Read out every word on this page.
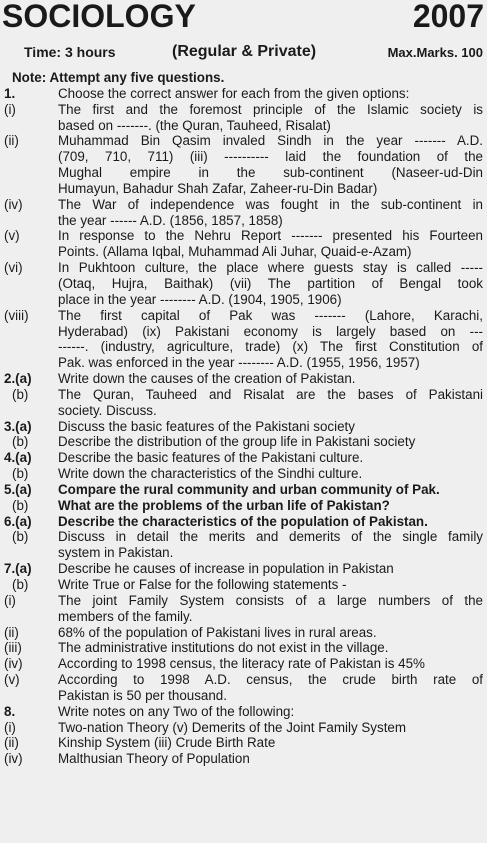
SOCIOLOGY	2007
Time: 3 hours	(Regular & Private)	Max.Marks. 100
Note: Attempt any five questions.
1.	Choose the correct answer for each from the given options:
(i)	The first and the foremost principle of the Islamic society is
based on -------. (the Quran, Tauheed, Risalat)
(ii)	Muhammad Bin Qasim invaled Sindh in the year ------- A.D.
(709, 710, 711) (iii) ---------- laid the foundation of the
Mughal empire in the sub-continent (Naseer-ud-Din
Humayun, Bahadur Shah Zafar, Zaheer-ru-Din Badar)
(iv)	The War of independence was fought in the sub-continent in
the year ------ A.D. (1856, 1857, 1858)
(v)	In response to the Nehru Report ------- presented his Fourteen
Points. (Allama Iqbal, Muhammad Ali Juhar, Quaid-e-Azam)
(vi)	In Pukhtoon culture, the place where guests stay is called -----
(Otaq, Hujra, Baithak) (vii) The partition of Bengal took
place in the year -------- A.D. (1904, 1905, 1906)
(viii)	The first capital of Pak was ------- (Lahore, Karachi,
Hyderabad) (ix) Pakistani economy is largely based on ---
------. (industry, agriculture, trade) (x) The first Constitution of
Pak. was enforced in the year -------- A.D. (1955, 1956, 1957)
2.(a)	Write down the causes of the creation of Pakistan.
(b)	The Quran, Tauheed and Risalat are the bases of Pakistani
society. Discuss.
3.(a)	Discuss the basic features of the Pakistani society
(b)	Describe the distribution of the group life in Pakistani society
4.(a)	Describe the basic features of the Pakistani culture.
(b)	Write down the characteristics of the Sindhi culture.
5.(a)	Compare the rural community and urban community of Pak.
(b)	What are the problems of the urban life of Pakistan?
6.(a)	Describe the characteristics of the population of Pakistan.
(b)	Discuss in detail the merits and demerits of the single family
system in Pakistan.
7.(a)	Describe he causes of increase in population in Pakistan
(b)	Write True or False for the following statements -
(i)	The joint Family System consists of a large numbers of the
members of the family.
(ii)	68% of the population of Pakistani lives in rural areas.
(iii)	The administrative institutions do not exist in the village.
(iv)	According to 1998 census, the literacy rate of Pakistan is 45%
(v)	According to 1998 A.D. census, the crude birth rate of
Pakistan is 50 per thousand.
8.	Write notes on any Two of the following:
(i)	Two-nation Theory (v) Demerits of the Joint Family System
(ii)	Kinship System (iii) Crude Birth Rate
(iv)	Malthusian Theory of Population
